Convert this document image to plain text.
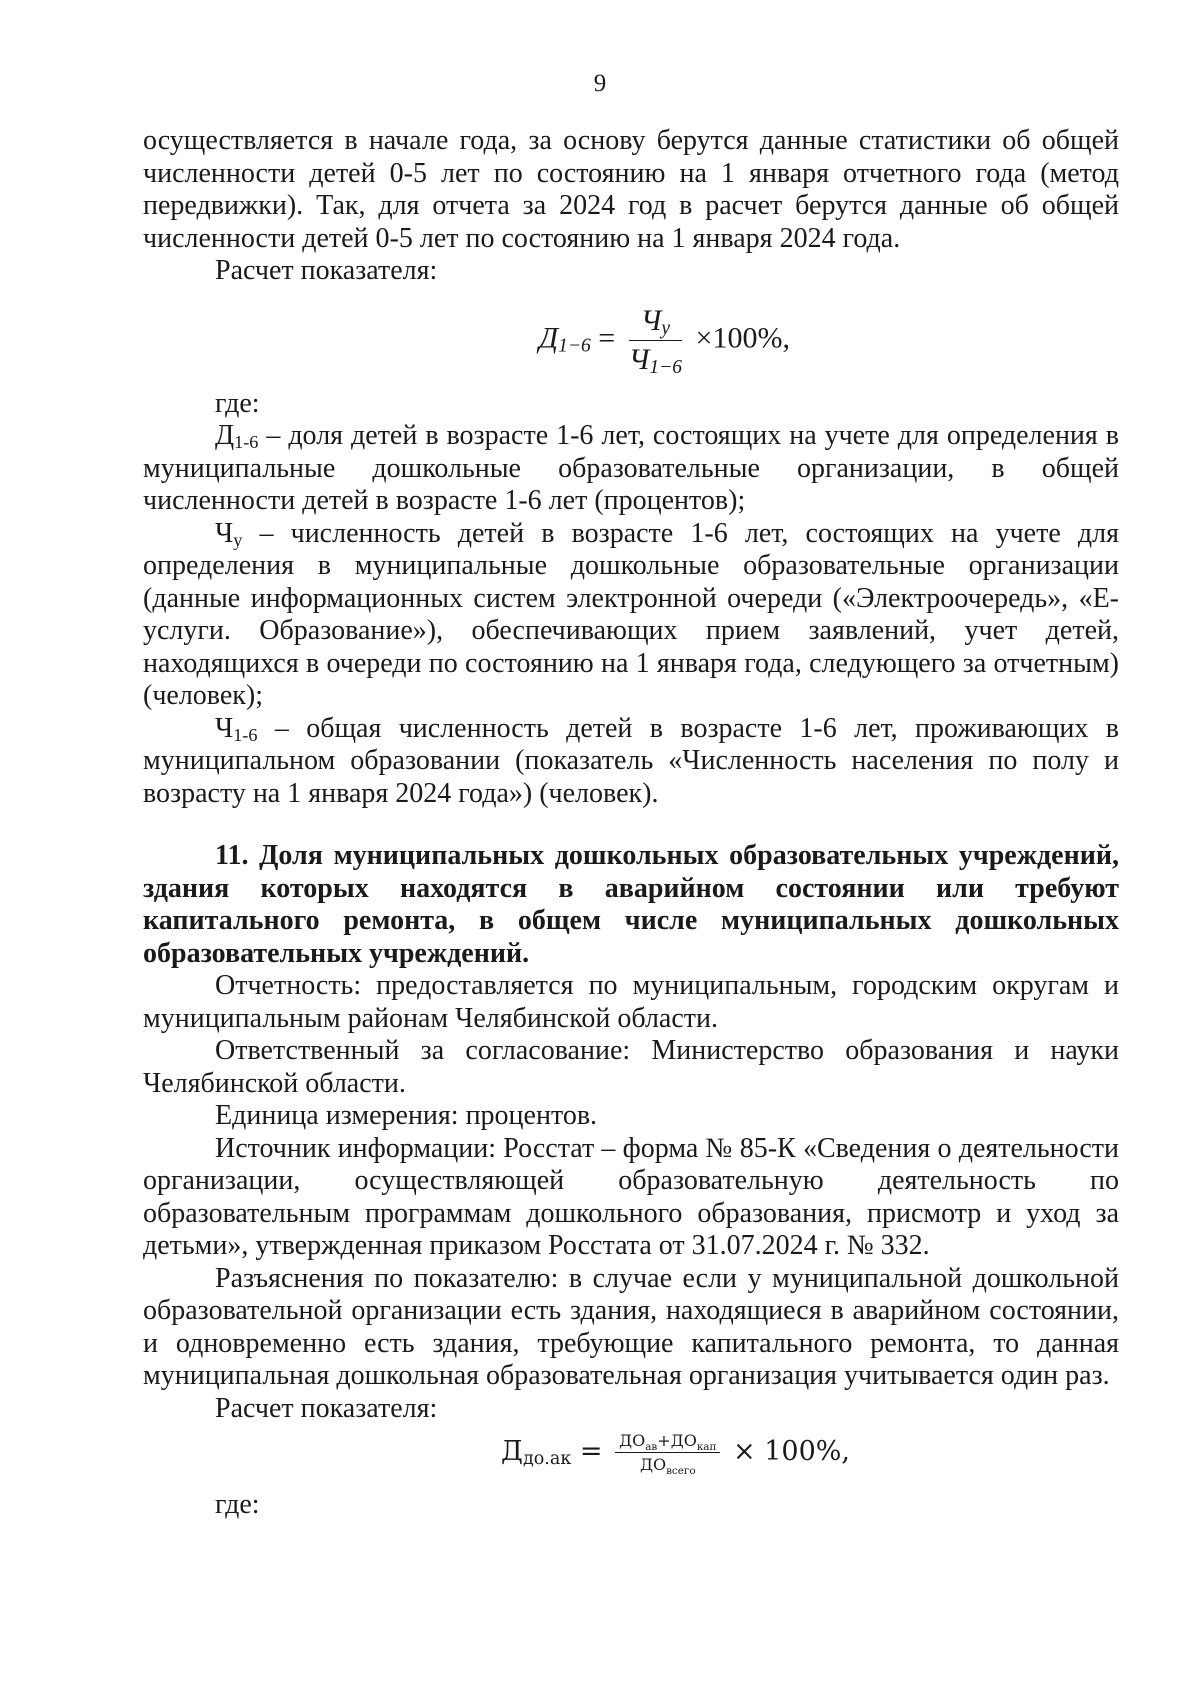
9

осуществляется в начале года, за основу берутся данные статистики об общей численности детей 0-5 лет по состоянию на 1 января отчетного года (метод передвижки). Так, для отчета за 2024 год в расчет берутся данные об общей численности детей 0-5 лет по состоянию на 1 января 2024 года.

Расчет показателя:
$Д_{1-6} = \frac{Ч_у}{Ч_{1-6}} \times 100\%$,
где:

$Д_{1-6}$ – доля детей в возрасте 1-6 лет, состоящих на учете для определения в муниципальные дошкольные образовательные организации, в общей численности детей в возрасте 1-6 лет (процентов);

$Ч_у$ – численность детей в возрасте 1-6 лет, состоящих на учете для определения в муниципальные дошкольные образовательные организации (данные информационных систем электронной очереди («Электроочередь», «Е-услуги. Образование»), обеспечивающих прием заявлений, учет детей, находящихся в очереди по состоянию на 1 января года, следующего за отчетным) (человек);

$Ч_{1-6}$ – общая численность детей в возрасте 1-6 лет, проживающих в муниципальном образовании (показатель «Численность населения по полу и возрасту на 1 января 2024 года») (человек).

11. Доля муниципальных дошкольных образовательных учреждений, здания которых находятся в аварийном состоянии или требуют капитального ремонта, в общем числе муниципальных дошкольных образовательных учреждений.

Отчетность: предоставляется по муниципальным, городским округам и муниципальным районам Челябинской области.

Ответственный за согласование: Министерство образования и науки Челябинской области.

Единица измерения: процентов.

Источник информации: Росстат – форма № 85-К «Сведения о деятельности организации, осуществляющей образовательную деятельность по образовательным программам дошкольного образования, присмотр и уход за детьми», утвержденная приказом Росстата от 31.07.2024 г. № 332.

Разъяснения по показателю: в случае если у муниципальной дошкольной образовательной организации есть здания, находящиеся в аварийном состоянии, и одновременно есть здания, требующие капитального ремонта, то данная муниципальная дошкольная образовательная организация учитывается один раз.

Расчет показателя:
$Д_{до.ак} = \frac{ДО_{ав}+ДО_{кап}}{ДО_{всего}} \times 100\%$,
где:
